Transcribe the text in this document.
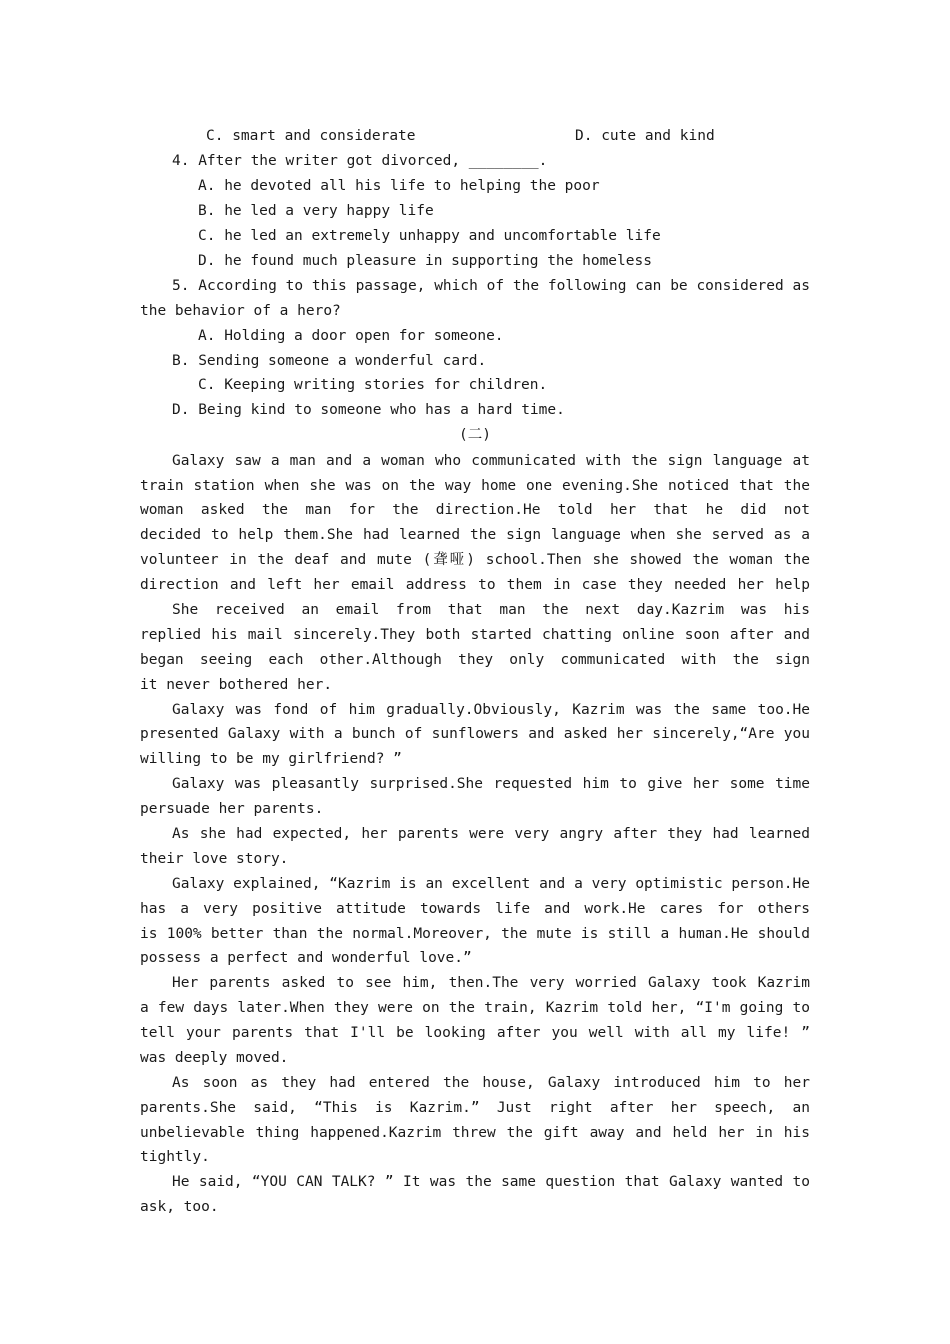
C. smart and considerate	D. cute and kind
4. After the writer got divorced, ________.
A. he devoted all his life to helping the poor
B. he led a very happy life
C. he led an extremely unhappy and uncomfortable life
D. he found much pleasure in supporting the homeless
5. According to this passage, which of the following can be considered as
the behavior of a hero?
A. Holding a door open for someone.
B. Sending someone a wonderful card.
C. Keeping writing stories for children.
D. Being kind to someone who has a hard time.
(二)
Galaxy saw a man and a woman who communicated with the sign language at
train station when she was on the way home one evening.She noticed that the
woman asked the man for the direction.He told her that he did not
decided to help them.She had learned the sign language when she served as a
volunteer in the deaf and mute (聋哑) school.Then she showed the woman the
direction and left her email address to them in case they needed her help
She received an email from that man the next day.Kazrim was his
replied his mail sincerely.They both started chatting online soon after and
began seeing each other.Although they only communicated with the sign
it never bothered her.
Galaxy was fond of him gradually.Obviously, Kazrim was the same too.He
presented Galaxy with a bunch of sunflowers and asked her sincerely,“Are you
willing to be my girlfriend? ”
Galaxy was pleasantly surprised.She requested him to give her some time
persuade her parents.
As she had expected, her parents were very angry after they had learned
their love story.
Galaxy explained, “Kazrim is an excellent and a very optimistic person.He
has a very positive attitude towards life and work.He cares for others
is 100% better than the normal.Moreover, the mute is still a human.He should
possess a perfect and wonderful love.”
Her parents asked to see him, then.The very worried Galaxy took Kazrim
a few days later.When they were on the train, Kazrim told her, “I'm going to
tell your parents that I'll be looking after you well with all my life! ”
was deeply moved.
As soon as they had entered the house, Galaxy introduced him to her
parents.She said, “This is Kazrim.” Just right after her speech, an
unbelievable thing happened.Kazrim threw the gift away and held her in his
tightly.
He said, “YOU CAN TALK? ” It was the same question that Galaxy wanted to
ask, too.
